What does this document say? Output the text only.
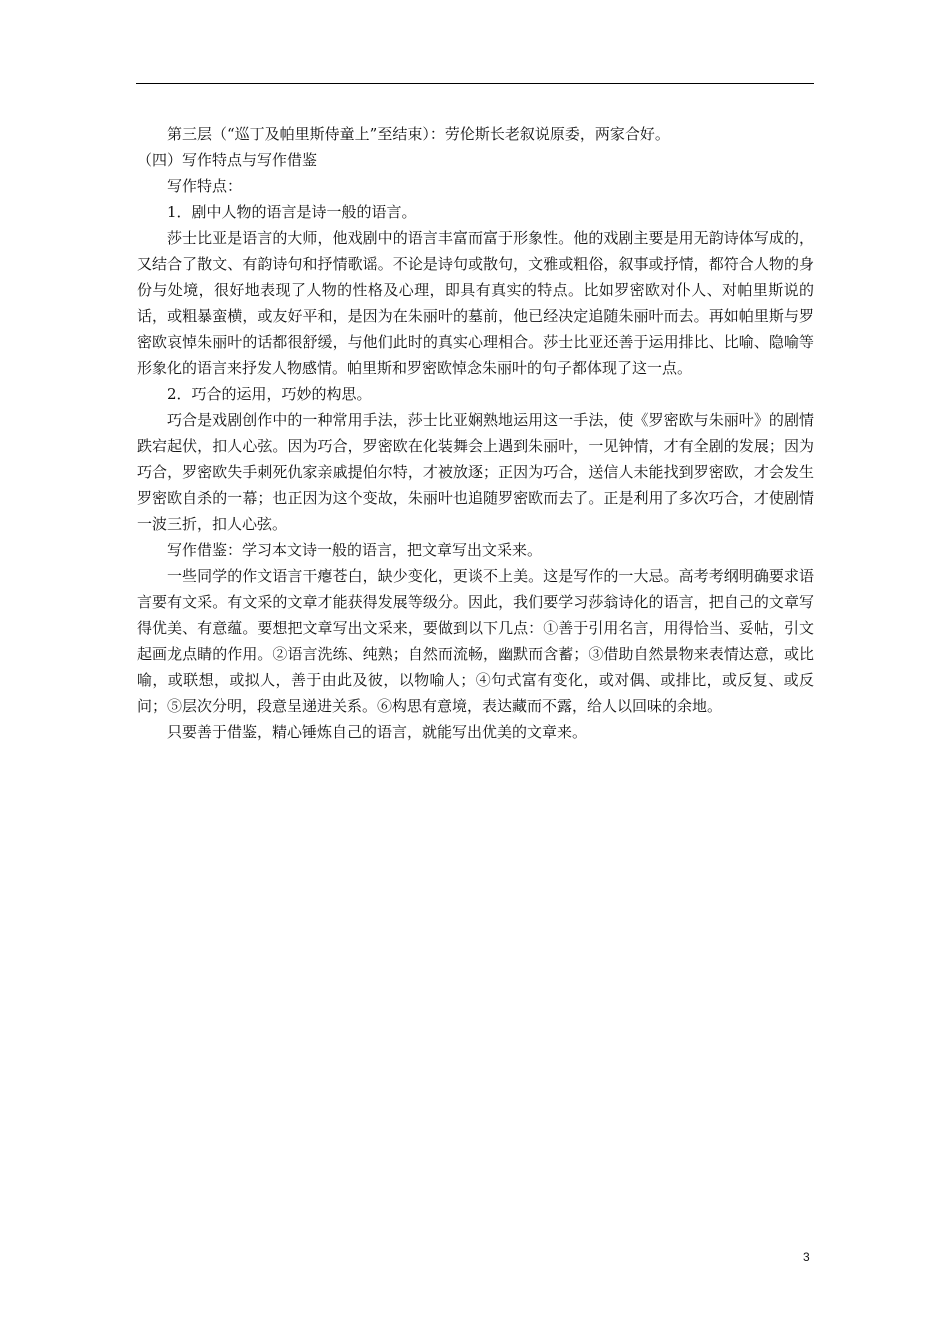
第三层（“巡丁及帕里斯侍童上”至结束）：劳伦斯长老叙说原委，两家合好。

（四）写作特点与写作借鉴

写作特点：

1．剧中人物的语言是诗一般的语言。

莎士比亚是语言的大师，他戏剧中的语言丰富而富于形象性。他的戏剧主要是用无韵诗体写成的，又结合了散文、有韵诗句和抒情歌谣。不论是诗句或散句，文雅或粗俗，叙事或抒情，都符合人物的身份与处境，很好地表现了人物的性格及心理，即具有真实的特点。比如罗密欧对仆人、对帕里斯说的话，或粗暴蛮横，或友好平和，是因为在朱丽叶的墓前，他已经决定追随朱丽叶而去。再如帕里斯与罗密欧哀悼朱丽叶的话都很舒缓，与他们此时的真实心理相合。莎士比亚还善于运用排比、比喻、隐喻等形象化的语言来抒发人物感情。帕里斯和罗密欧悼念朱丽叶的句子都体现了这一点。

2．巧合的运用，巧妙的构思。

巧合是戏剧创作中的一种常用手法，莎士比亚娴熟地运用这一手法，使《罗密欧与朱丽叶》的剧情跌宕起伏，扣人心弦。因为巧合，罗密欧在化装舞会上遇到朱丽叶，一见钟情，才有全剧的发展；因为巧合，罗密欧失手刺死仇家亲戚提伯尔特，才被放逐；正因为巧合，送信人未能找到罗密欧，才会发生罗密欧自杀的一幕；也正因为这个变故，朱丽叶也追随罗密欧而去了。正是利用了多次巧合，才使剧情一波三折，扣人心弦。

写作借鉴：学习本文诗一般的语言，把文章写出文采来。

一些同学的作文语言干瘪苍白，缺少变化，更谈不上美。这是写作的一大忌。高考考纲明确要求语言要有文采。有文采的文章才能获得发展等级分。因此，我们要学习莎翁诗化的语言，把自己的文章写得优美、有意蕴。要想把文章写出文采来，要做到以下几点：①善于引用名言，用得恰当、妥帖，引文起画龙点睛的作用。②语言洗练、纯熟；自然而流畅，幽默而含蓄；③借助自然景物来表情达意，或比喻，或联想，或拟人，善于由此及彼，以物喻人；④句式富有变化，或对偶、或排比，或反复、或反问；⑤层次分明，段意呈递进关系。⑥构思有意境，表达藏而不露，给人以回味的余地。

只要善于借鉴，精心锤炼自己的语言，就能写出优美的文章来。

3
